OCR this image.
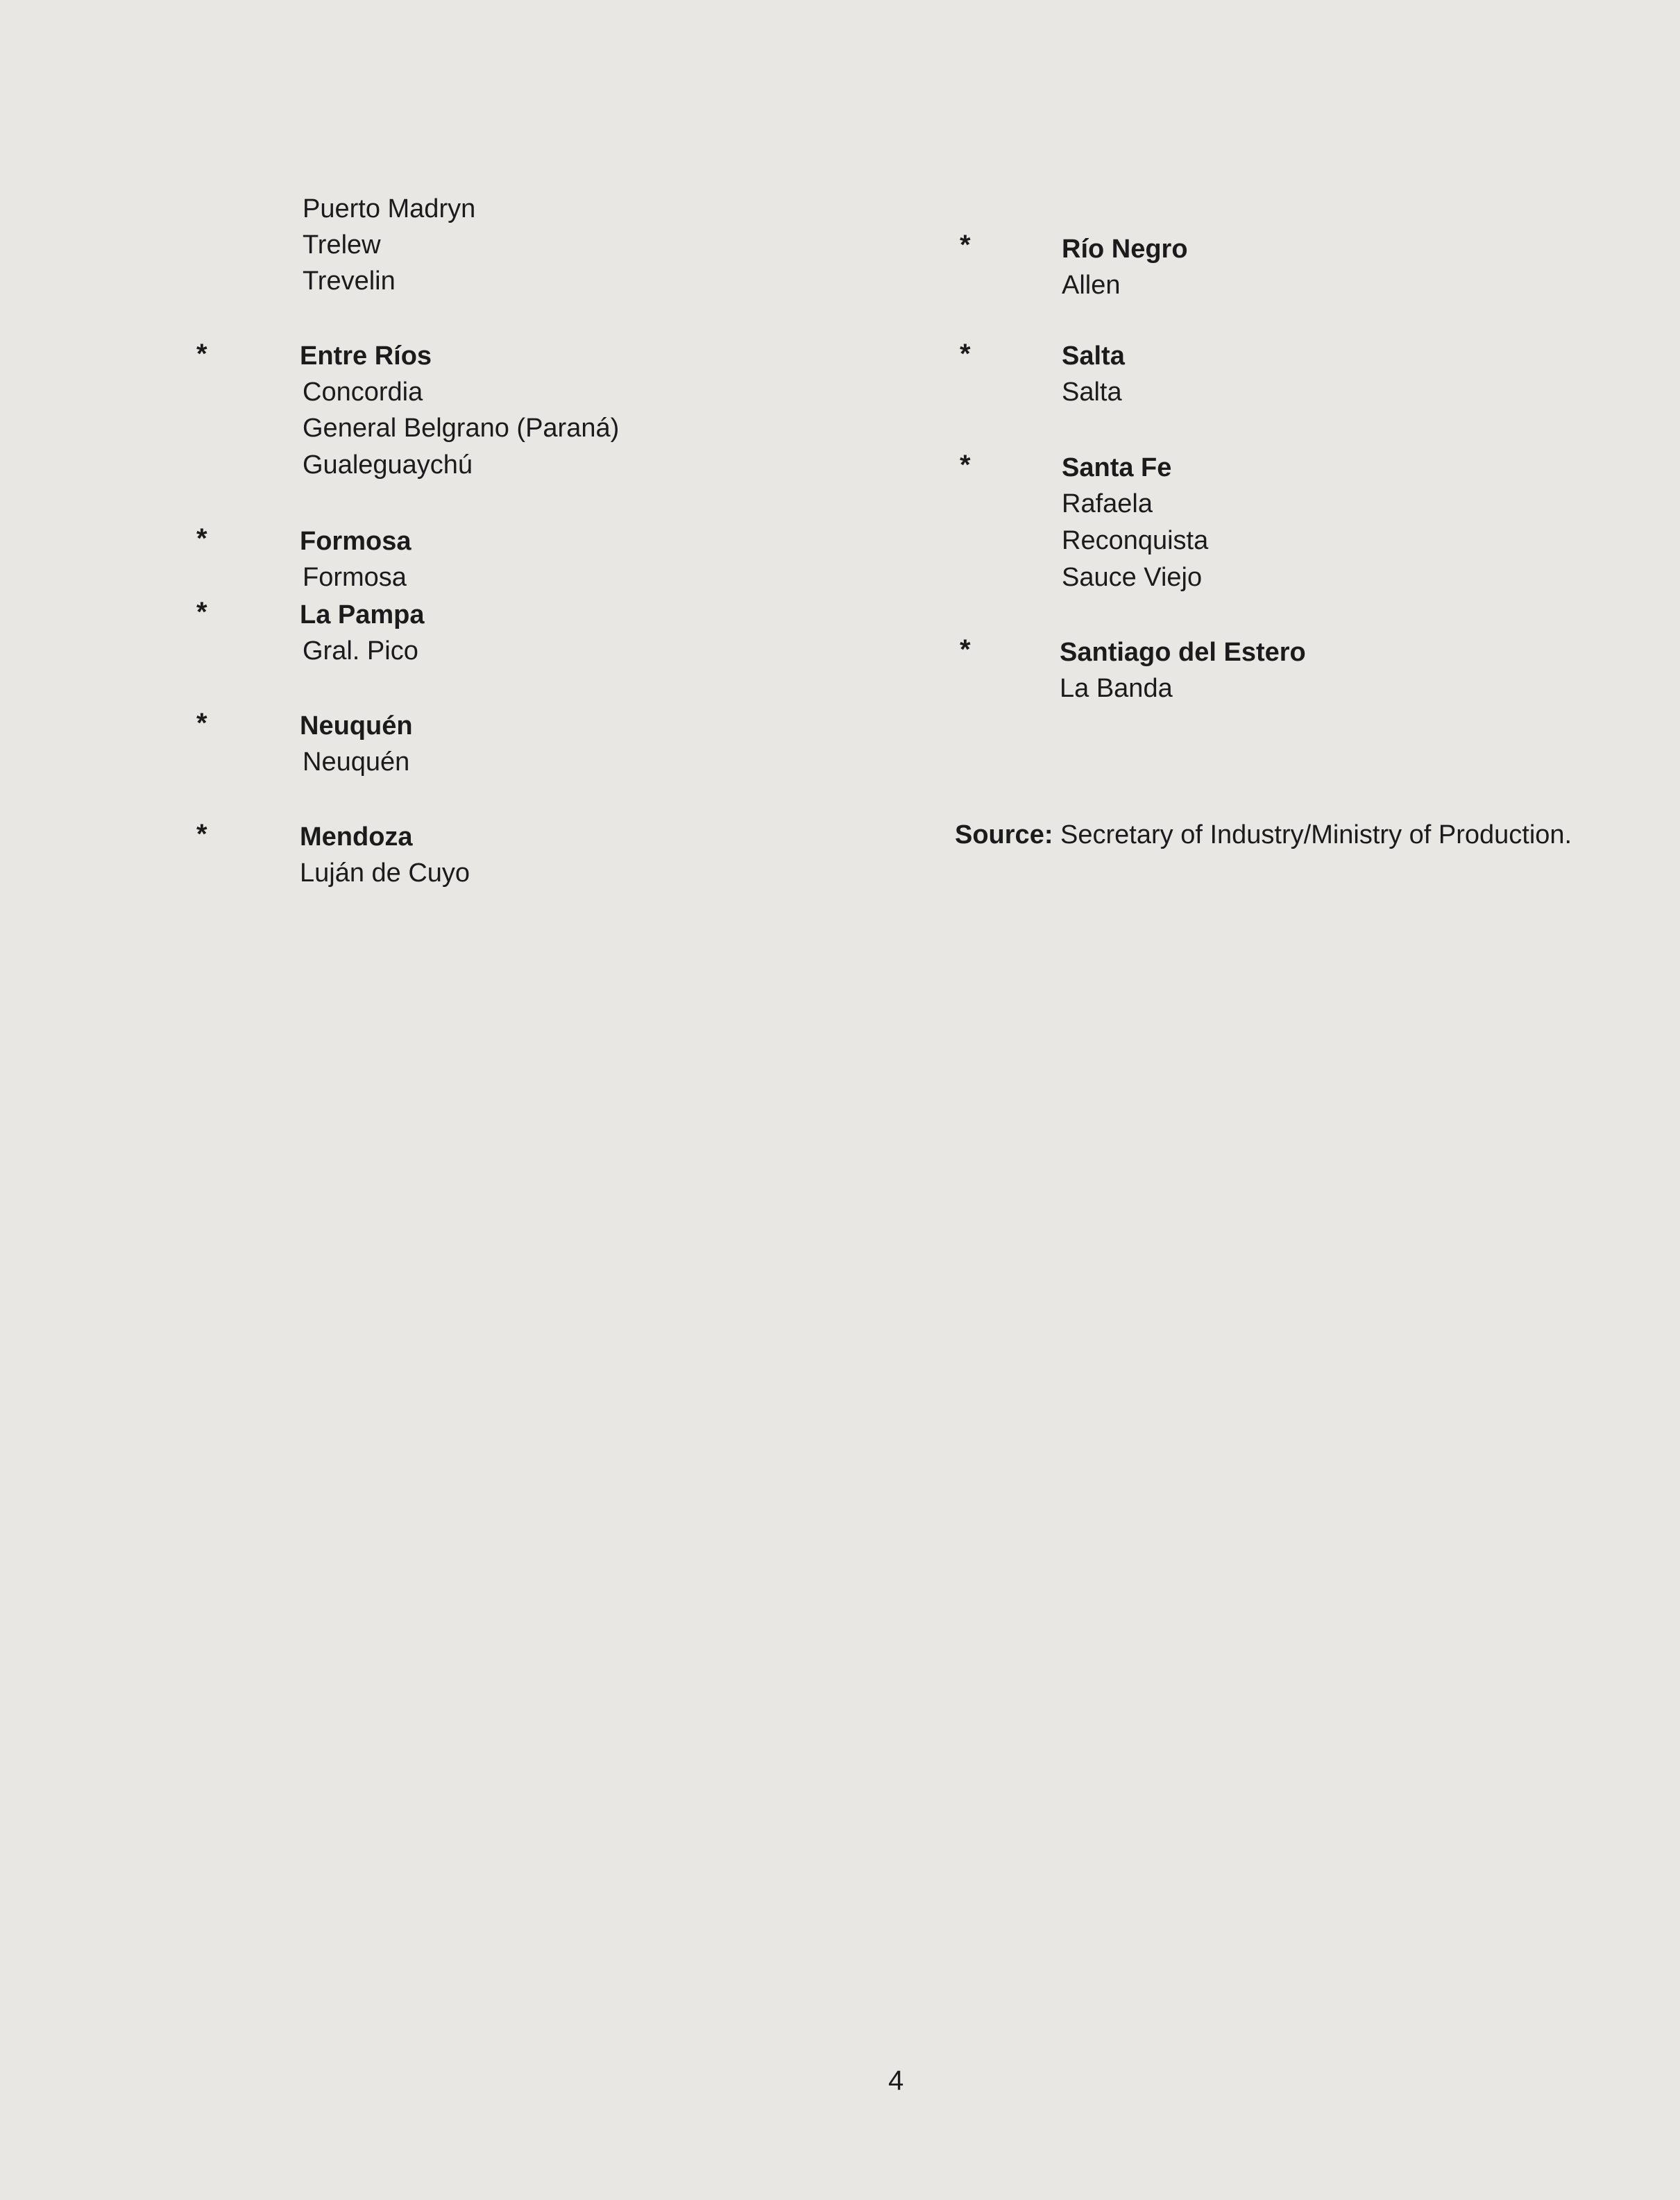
Puerto Madryn
Trelew
Trevelin
*	Entre Ríos
Concordia
General Belgrano (Paraná)
Gualeguaychú
*	Formosa
Formosa
*	La Pampa
Gral. Pico
*	Neuquén
Neuquén
*	Mendoza
Luján de Cuyo
*	Río Negro
Allen
*	Salta
Salta
*	Santa Fe
Rafaela
Reconquista
Sauce Viejo
*	Santiago del Estero
La Banda
Source: Secretary of Industry/Ministry of Production.
4
